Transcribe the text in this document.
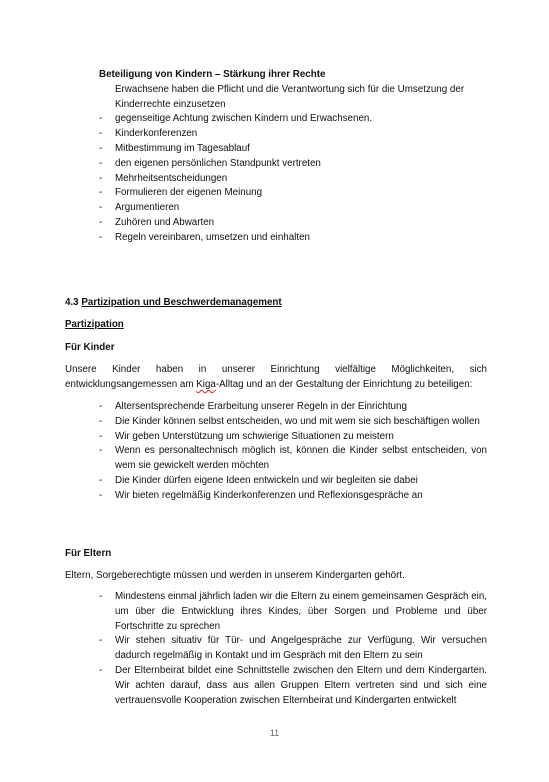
Beteiligung von Kindern – Stärkung ihrer Rechte
Erwachsene haben die Pflicht und die Verantwortung sich für die Umsetzung der Kinderrechte einzusetzen
- gegenseitige Achtung zwischen Kindern und Erwachsenen.
- Kinderkonferenzen
- Mitbestimmung im Tagesablauf
- den eigenen persönlichen Standpunkt vertreten
- Mehrheitsentscheidungen
- Formulieren der eigenen Meinung
- Argumentieren
- Zuhören und Abwarten
- Regeln vereinbaren, umsetzen und einhalten
4.3 Partizipation und Beschwerdemanagement
Partizipation
Für Kinder
Unsere Kinder haben in unserer Einrichtung vielfältige Möglichkeiten, sich entwicklungsangemessen am Kiga-Alltag und an der Gestaltung der Einrichtung zu beteiligen:
- Altersentsprechende Erarbeitung unserer Regeln in der Einrichtung
- Die Kinder können selbst entscheiden, wo und mit wem sie sich beschäftigen wollen
- Wir geben Unterstützung um schwierige Situationen zu meistern
- Wenn es personaltechnisch möglich ist, können die Kinder selbst entscheiden, von wem sie gewickelt werden möchten
- Die Kinder dürfen eigene Ideen entwickeln und wir begleiten sie dabei
- Wir bieten regelmäßig Kinderkonferenzen und Reflexionsgespräche an
Für Eltern
Eltern, Sorgeberechtigte müssen und werden in unserem Kindergarten gehört.
- Mindestens einmal jährlich laden wir die Eltern zu einem gemeinsamen Gespräch ein, um über die Entwicklung ihres Kindes, über Sorgen und Probleme und über Fortschritte zu sprechen
- Wir stehen situativ für Tür- und Angelgespräche zur Verfügung. Wir versuchen dadurch regelmäßig in Kontakt und im Gespräch mit den Eltern zu sein
- Der Elternbeirat bildet eine Schnittstelle zwischen den Eltern und dem Kindergarten. Wir achten darauf, dass aus allen Gruppen Eltern vertreten sind und sich eine vertrauensvolle Kooperation zwischen Elternbeirat und Kindergarten entwickelt
11
